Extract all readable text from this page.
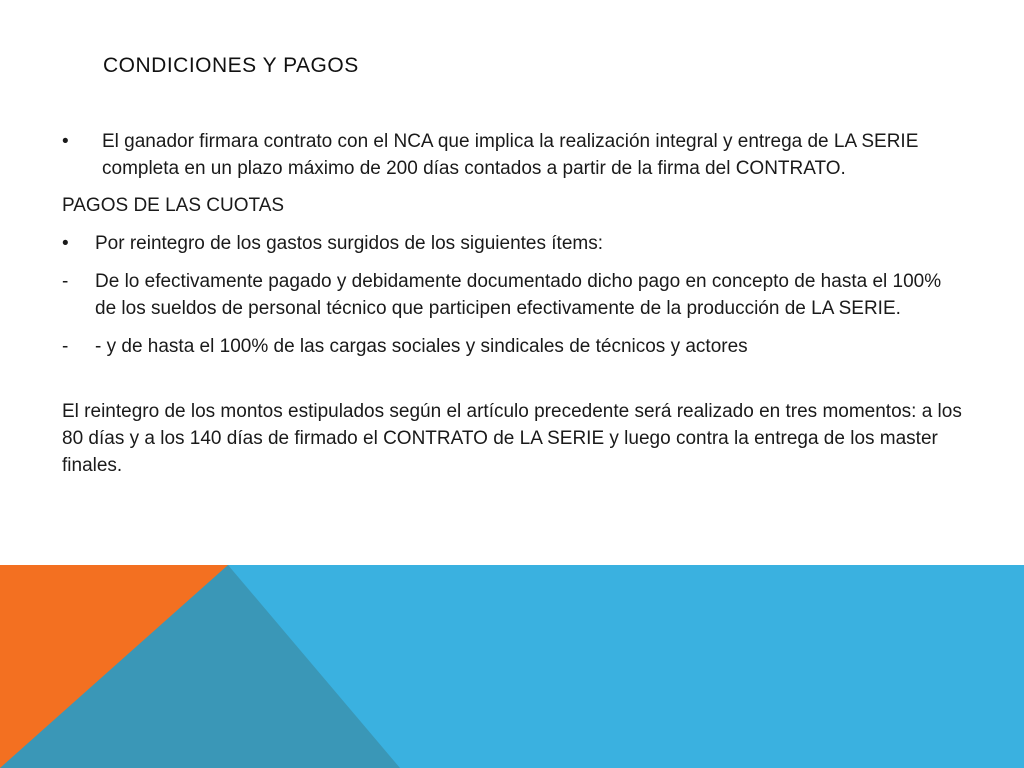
CONDICIONES Y PAGOS
• El ganador firmara contrato con el NCA que implica la realización integral y entrega de LA SERIE completa en un plazo máximo de 200 días contados a partir de la firma del CONTRATO.
PAGOS DE LAS CUOTAS
• Por reintegro de los gastos surgidos de los siguientes ítems:
- De lo efectivamente pagado y debidamente documentado dicho pago en concepto de hasta el 100% de los sueldos de personal técnico que participen efectivamente de la producción de LA SERIE.
- - y de hasta el 100% de las cargas sociales y sindicales de técnicos y actores
El reintegro de los montos estipulados según el artículo precedente será realizado en tres momentos: a los 80 días y a los 140 días de firmado el CONTRATO de LA SERIE y luego contra la entrega de los master finales.
